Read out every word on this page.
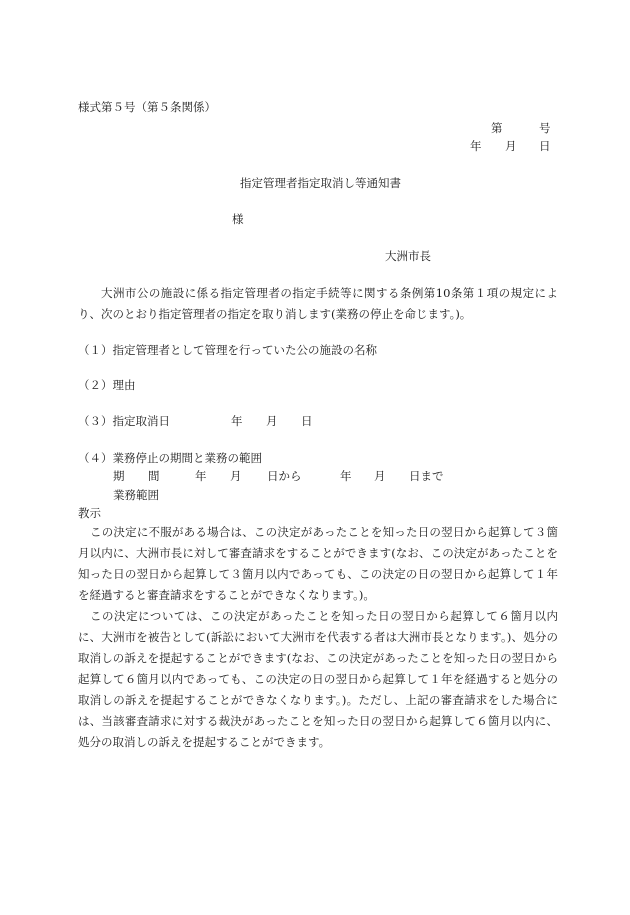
様式第５号（第５条関係）
第	号
年 月 日
指定管理者指定取消し等通知書
様
大洲市長
大洲市公の施設に係る指定管理者の指定手続等に関する条例第10条第１項の規定により、次のとおり指定管理者の指定を取り消します(業務の停止を命じます。)。
（１）指定管理者として管理を行っていた公の施設の名称
（２）理由
（３）指定取消日	年 月 日
（４）業務停止の期間と業務の範囲
期 間	年 月 日から	年 月 日まで
業務範囲
教示
この決定に不服がある場合は、この決定があったことを知った日の翌日から起算して３箇月以内に、大洲市長に対して審査請求をすることができます(なお、この決定があったことを知った日の翌日から起算して３箇月以内であっても、この決定の日の翌日から起算して１年を経過すると審査請求をすることができなくなります。)。
この決定については、この決定があったことを知った日の翌日から起算して６箇月以内に、大洲市を被告として(訴訟において大洲市を代表する者は大洲市長となります。)、処分の取消しの訴えを提起することができます(なお、この決定があったことを知った日の翌日から起算して６箇月以内であっても、この決定の日の翌日から起算して１年を経過すると処分の取消しの訴えを提起することができなくなります。)。ただし、上記の審査請求をした場合には、当該審査請求に対する裁決があったことを知った日の翌日から起算して６箇月以内に、処分の取消しの訴えを提起することができます。
